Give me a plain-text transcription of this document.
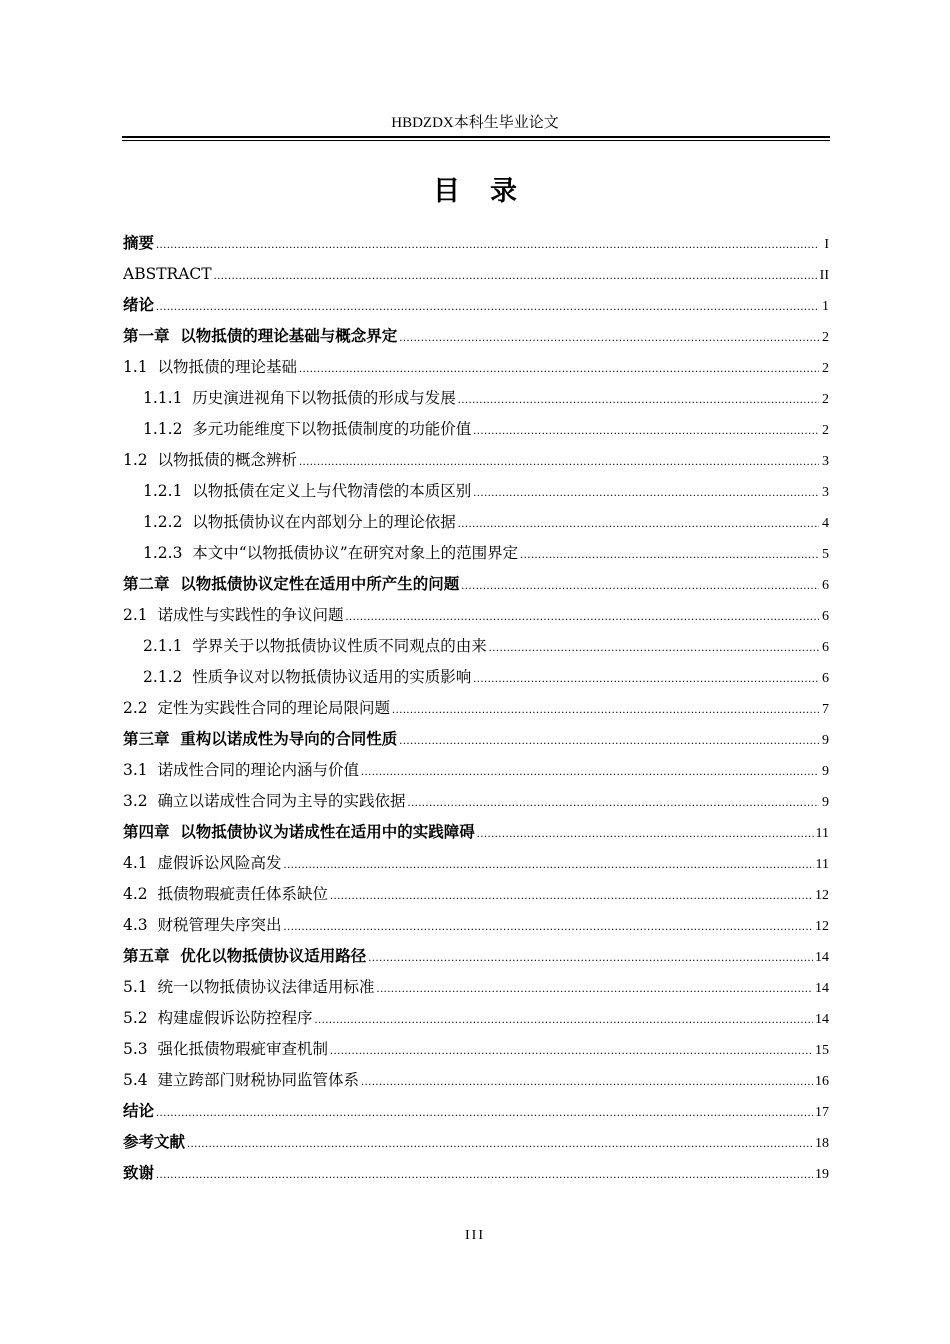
HBDZDX本科生毕业论文
目录
摘要 .....	I
ABSTRACT .....	II
绪论 .....	1
第一章  以物抵债的理论基础与概念界定 .....	2
1.1  以物抵债的理论基础 .....	2
1.1.1  历史演进视角下以物抵债的形成与发展 .....	2
1.1.2  多元功能维度下以物抵债制度的功能价值 .....	2
1.2  以物抵债的概念辨析 .....	3
1.2.1  以物抵债在定义上与代物清偿的本质区别 .....	3
1.2.2  以物抵债协议在内部划分上的理论依据 .....	4
1.2.3  本文中“以物抵债协议”在研究对象上的范围界定 .....	5
第二章  以物抵债协议定性在适用中所产生的问题 .....	6
2.1  诺成性与实践性的争议问题 .....	6
2.1.1  学界关于以物抵债协议性质不同观点的由来 .....	6
2.1.2  性质争议对以物抵债协议适用的实质影响 .....	6
2.2  定性为实践性合同的理论局限问题 .....	7
第三章  重构以诺成性为导向的合同性质 .....	9
3.1  诺成性合同的理论内涵与价值 .....	9
3.2  确立以诺成性合同为主导的实践依据 .....	9
第四章  以物抵债协议为诺成性在适用中的实践障碍 .....	11
4.1  虚假诉讼风险高发 .....	11
4.2  抵债物瑕疵责任体系缺位 .....	12
4.3  财税管理失序突出 .....	12
第五章  优化以物抵债协议适用路径 .....	14
5.1  统一以物抵债协议法律适用标准 .....	14
5.2  构建虚假诉讼防控程序 .....	14
5.3  强化抵债物瑕疵审查机制 .....	15
5.4  建立跨部门财税协同监管体系 .....	16
结论 .....	17
参考文献 .....	18
致谢 .....	19
III
